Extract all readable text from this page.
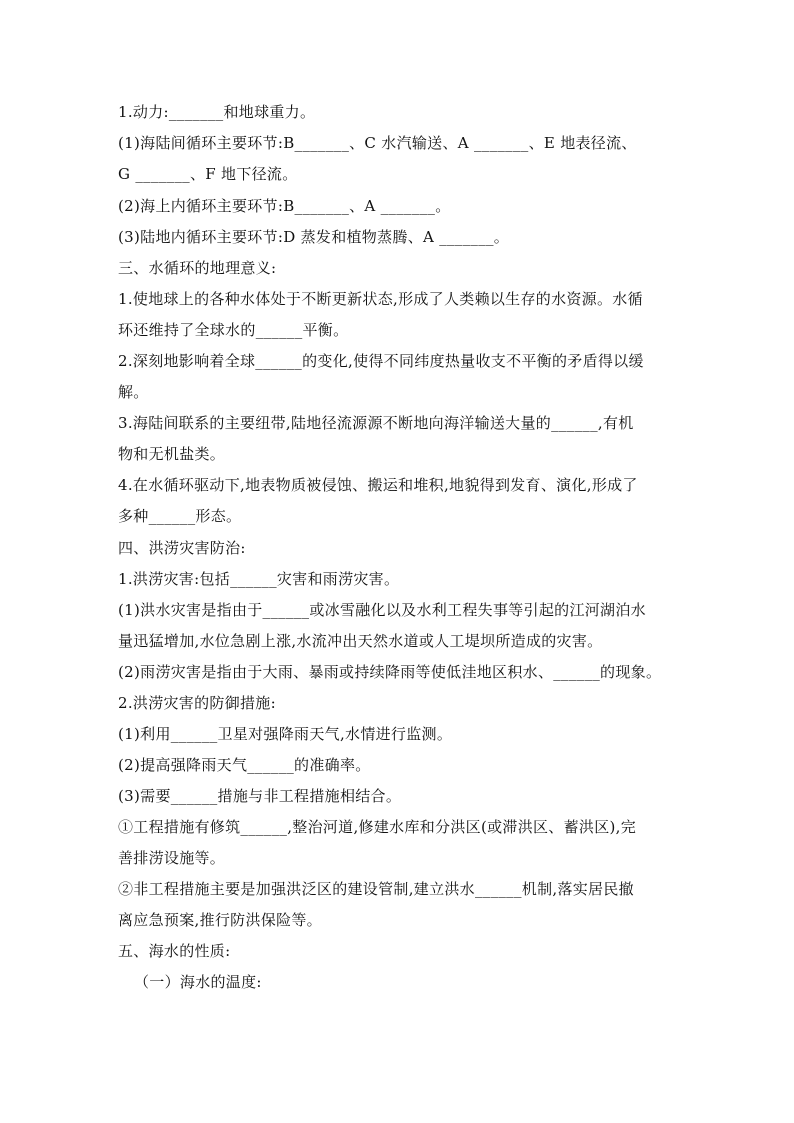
1.动力:_______和地球重力。
(1)海陆间循环主要环节:B_______、C 水汽输送、A _______、E 地表径流、
G _______、F 地下径流。
(2)海上内循环主要环节:B_______、A _______。
(3)陆地内循环主要环节:D 蒸发和植物蒸腾、A _______。
三、水循环的地理意义:
1.使地球上的各种水体处于不断更新状态,形成了人类赖以生存的水资源。水循
环还维持了全球水的______平衡。
2.深刻地影响着全球______的变化,使得不同纬度热量收支不平衡的矛盾得以缓
解。
3.海陆间联系的主要纽带,陆地径流源源不断地向海洋输送大量的______,有机
物和无机盐类。
4.在水循环驱动下,地表物质被侵蚀、搬运和堆积,地貌得到发育、演化,形成了
多种______形态。
四、洪涝灾害防治:
1.洪涝灾害:包括______灾害和雨涝灾害。
(1)洪水灾害是指由于______或冰雪融化以及水利工程失事等引起的江河湖泊水
量迅猛增加,水位急剧上涨,水流冲出天然水道或人工堤坝所造成的灾害。
(2)雨涝灾害是指由于大雨、暴雨或持续降雨等使低洼地区积水、______的现象。
2.洪涝灾害的防御措施:
(1)利用______卫星对强降雨天气,水情进行监测。
(2)提高强降雨天气______的准确率。
(3)需要______措施与非工程措施相结合。
①工程措施有修筑______,整治河道,修建水库和分洪区(或滞洪区、蓄洪区),完
善排涝设施等。
②非工程措施主要是加强洪泛区的建设管制,建立洪水______机制,落实居民撤
离应急预案,推行防洪保险等。
五、海水的性质:
（一）海水的温度:
